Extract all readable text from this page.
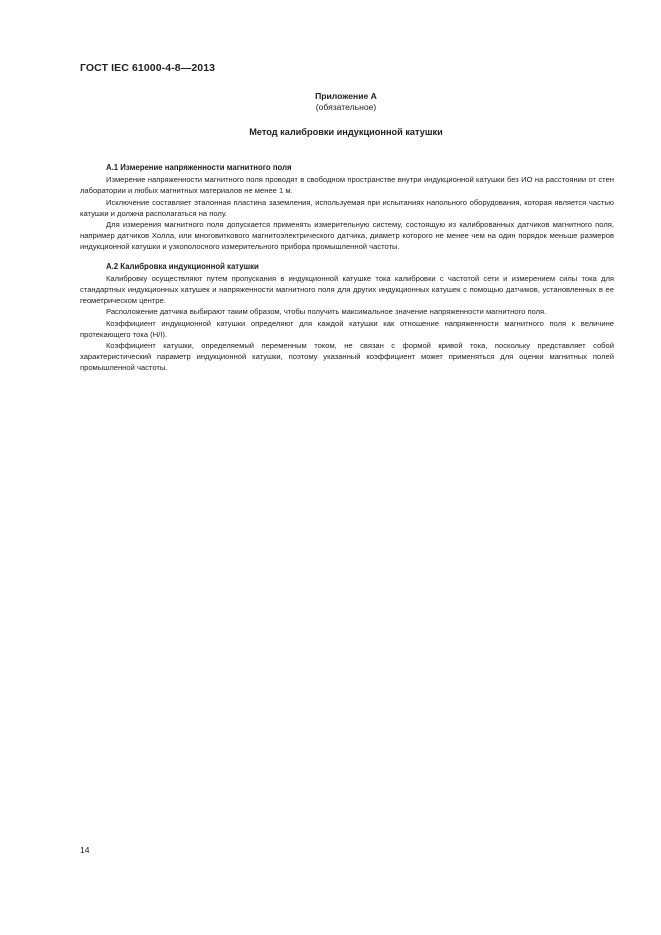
ГОСТ IEC 61000-4-8—2013
Приложение А
(обязательное)
Метод калибровки индукционной катушки

А.1 Измерение напряженности магнитного поля

Измерение напряженности магнитного поля проводят в свободном пространстве внутри индукционной катушки без ИО на расстоянии от стен лаборатории и любых магнитных материалов не менее 1 м.

Исключение составляет эталонная пластина заземления, используемая при испытаниях напольного оборудования, которая является частью катушки и должна располагаться на полу.

Для измерения магнитного поля допускается применять измерительную систему, состоящую из калиброванных датчиков магнитного поля, например датчиков Холла, или многовиткового магнитоэлектрического датчика, диаметр которого не менее чем на один порядок меньше размеров индукционной катушки и узкополосного измерительного прибора промышленной частоты.

А.2 Калибровка индукционной катушки

Калибровку осуществляют путем пропускания в индукционной катушке тока калибровки с частотой сети и измерением силы тока для стандартных индукционных катушек и напряженности магнитного поля для других индукционных катушек с помощью датчиков, установленных в ее геометрическом центре.

Расположение датчика выбирают таким образом, чтобы получить максимальное значение напряженности магнитного поля.

Коэффициент индукционной катушки определяют для каждой катушки как отношение напряженности магнитного поля к величине протекающего тока (H/I).

Коэффициент катушки, определяемый переменным током, не связан с формой кривой тока, поскольку представляет собой характеристический параметр индукционной катушки, поэтому указанный коэффициент может применяться для оценки магнитных полей промышленной частоты.

14
